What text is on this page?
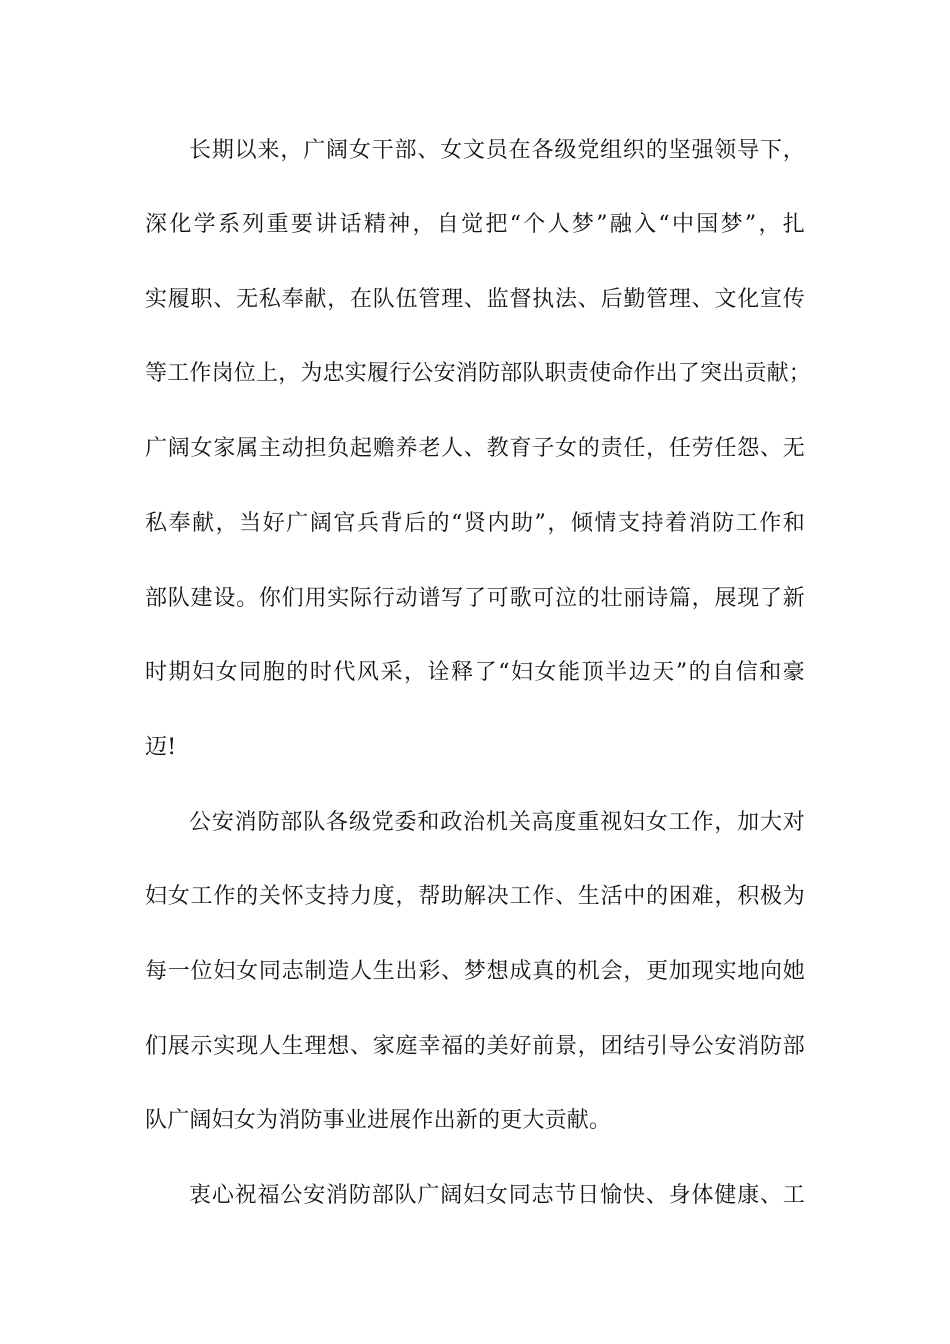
长期以来，广阔女干部、女文员在各级党组织的坚强领导下，
深化学系列重要讲话精神，自觉把“个人梦”融入“中国梦”，扎
实履职、无私奉献，在队伍管理、监督执法、后勤管理、文化宣传
等工作岗位上，为忠实履行公安消防部队职责使命作出了突出贡献；
广阔女家属主动担负起赡养老人、教育子女的责任，任劳任怨、无
私奉献，当好广阔官兵背后的“贤内助”，倾情支持着消防工作和
部队建设。你们用实际行动谱写了可歌可泣的壮丽诗篇，展现了新
时期妇女同胞的时代风采，诠释了“妇女能顶半边天”的自信和豪
迈!
公安消防部队各级党委和政治机关高度重视妇女工作，加大对
妇女工作的关怀支持力度，帮助解决工作、生活中的困难，积极为
每一位妇女同志制造人生出彩、梦想成真的机会，更加现实地向她
们展示实现人生理想、家庭幸福的美好前景，团结引导公安消防部
队广阔妇女为消防事业进展作出新的更大贡献。
衷心祝福公安消防部队广阔妇女同志节日愉快、身体健康、工
